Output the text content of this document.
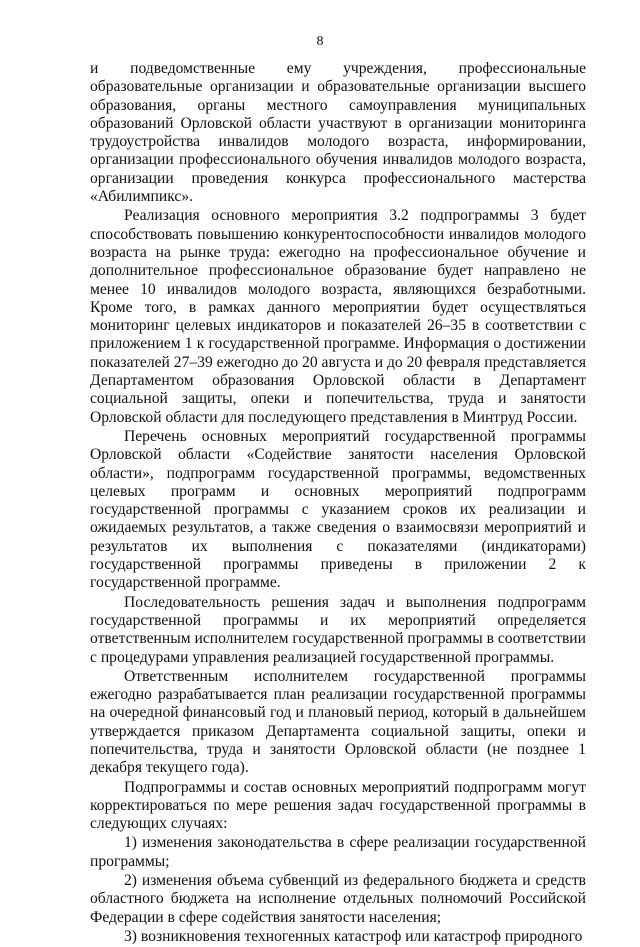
8

и подведомственные ему учреждения, профессиональные образовательные организации и образовательные организации высшего образования, органы местного самоуправления муниципальных образований Орловской области участвуют в организации мониторинга трудоустройства инвалидов молодого возраста, информировании, организации профессионального обучения инвалидов молодого возраста, организации проведения конкурса профессионального мастерства «Абилимпикс».

Реализация основного мероприятия 3.2 подпрограммы 3 будет способствовать повышению конкурентоспособности инвалидов молодого возраста на рынке труда: ежегодно на профессиональное обучение и дополнительное профессиональное образование будет направлено не менее 10 инвалидов молодого возраста, являющихся безработными. Кроме того, в рамках данного мероприятии будет осуществляться мониторинг целевых индикаторов и показателей 26–35 в соответствии с приложением 1 к государственной программе. Информация о достижении показателей 27–39 ежегодно до 20 августа и до 20 февраля представляется Департаментом образования Орловской области в Департамент социальной защиты, опеки и попечительства, труда и занятости Орловской области для последующего представления в Минтруд России.

Перечень основных мероприятий государственной программы Орловской области «Содействие занятости населения Орловской области», подпрограмм государственной программы, ведомственных целевых программ и основных мероприятий подпрограмм государственной программы с указанием сроков их реализации и ожидаемых результатов, а также сведения о взаимосвязи мероприятий и результатов их выполнения с показателями (индикаторами) государственной программы приведены в приложении 2 к государственной программе.

Последовательность решения задач и выполнения подпрограмм государственной программы и их мероприятий определяется ответственным исполнителем государственной программы в соответствии с процедурами управления реализацией государственной программы.

Ответственным исполнителем государственной программы ежегодно разрабатывается план реализации государственной программы на очередной финансовый год и плановый период, который в дальнейшем утверждается приказом Департамента социальной защиты, опеки и попечительства, труда и занятости Орловской области (не позднее 1 декабря текущего года).

Подпрограммы и состав основных мероприятий подпрограмм могут корректироваться по мере решения задач государственной программы в следующих случаях:

1) изменения законодательства в сфере реализации государственной программы;

2) изменения объема субвенций из федерального бюджета и средств областного бюджета на исполнение отдельных полномочий Российской Федерации в сфере содействия занятости населения;

3) возникновения техногенных катастроф или катастроф природного
